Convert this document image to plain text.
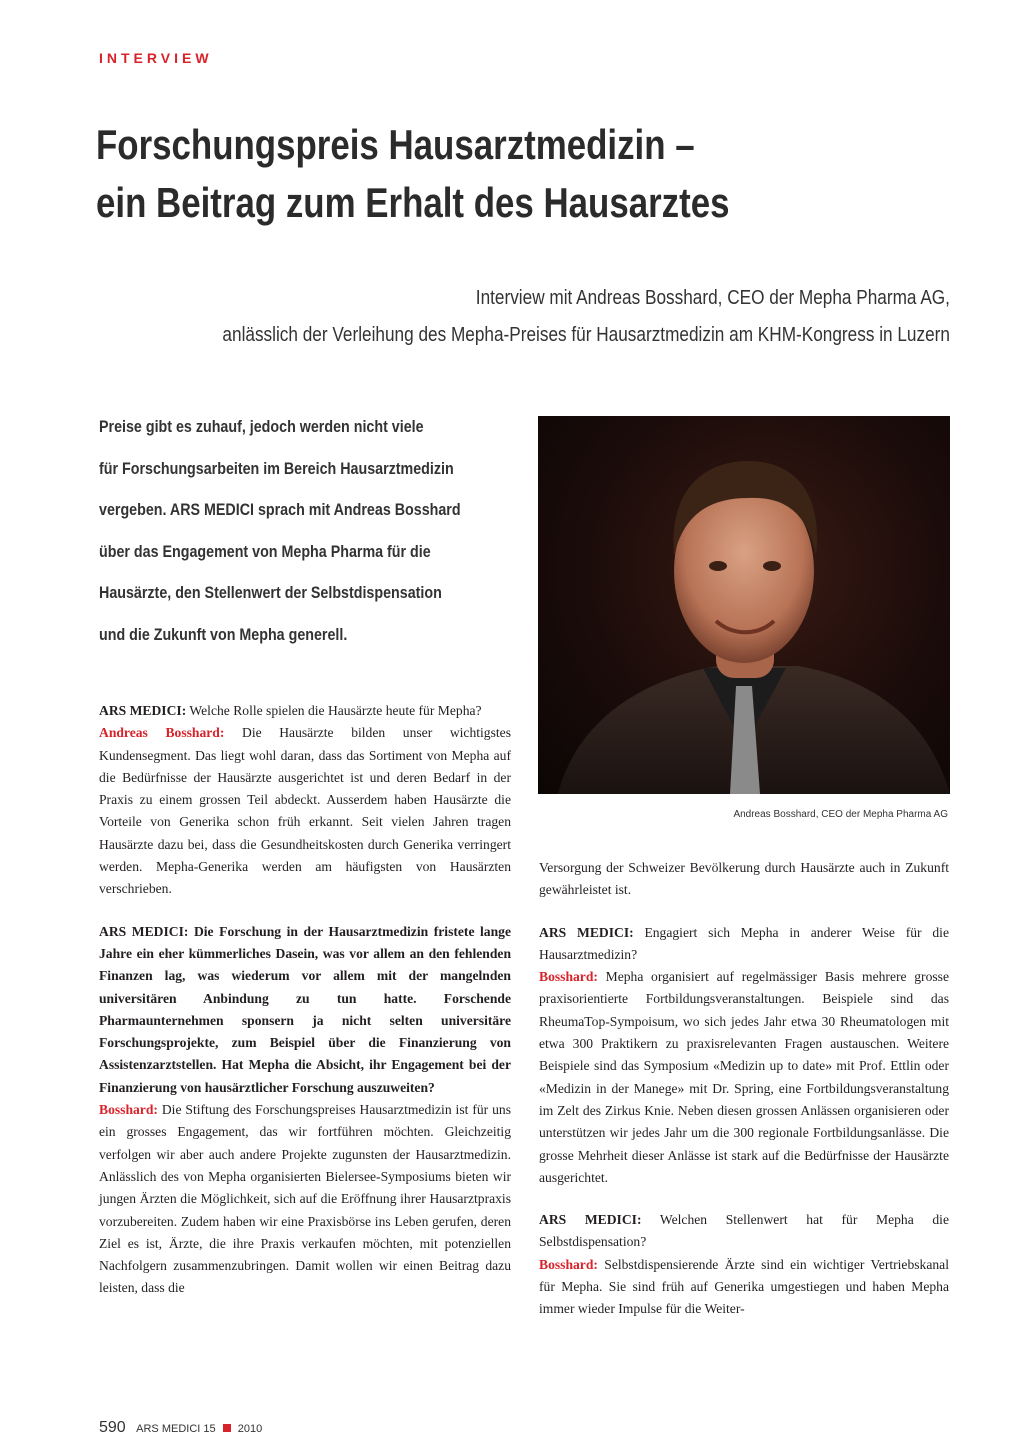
INTERVIEW
Forschungspreis Hausarztmedizin –
ein Beitrag zum Erhalt des Hausarztes
Interview mit Andreas Bosshard, CEO der Mepha Pharma AG,
anlässlich der Verleihung des Mepha-Preises für Hausarztmedizin am KHM-Kongress in Luzern
Preise gibt es zuhauf, jedoch werden nicht viele
für Forschungsarbeiten im Bereich Hausarztmedizin
vergeben. ARS MEDICI sprach mit Andreas Bosshard
über das Engagement von Mepha Pharma für die
Hausärzte, den Stellenwert der Selbstdispensation
und die Zukunft von Mepha generell.
Andreas Bosshard, CEO der Mepha Pharma AG

ARS MEDICI: Welche Rolle spielen die Hausärzte heute für Mepha?

Andreas Bosshard: Die Hausärzte bilden unser wichtigstes Kundensegment. Das liegt wohl daran, dass das Sortiment von Mepha auf die Bedürfnisse der Hausärzte ausgerichtet ist und deren Bedarf in der Praxis zu einem grossen Teil abdeckt. Ausserdem haben Hausärzte die Vorteile von Generika schon früh erkannt. Seit vielen Jahren tragen Hausärzte dazu bei, dass die Gesundheitskosten durch Generika verringert werden. Mepha-Generika werden am häufigsten von Hausärzten verschrieben.

ARS MEDICI: Die Forschung in der Hausarztmedizin fristete lange Jahre ein eher kümmerliches Dasein, was vor allem an den fehlenden Finanzen lag, was wiederum vor allem mit der mangelnden universitären Anbindung zu tun hatte. Forschende Pharmaunternehmen sponsern ja nicht selten universitäre Forschungsprojekte, zum Beispiel über die Finanzierung von Assistenzarztstellen. Hat Mepha die Absicht, ihr Engagement bei der Finanzierung von hausärztlicher Forschung auszuweiten?

Bosshard: Die Stiftung des Forschungspreises Hausarztmedizin ist für uns ein grosses Engagement, das wir fortführen möchten. Gleichzeitig verfolgen wir aber auch andere Projekte zugunsten der Hausarztmedizin. Anlässlich des von Mepha organisierten Bielersee-Symposiums bieten wir jungen Ärzten die Möglichkeit, sich auf die Eröffnung ihrer Hausarztpraxis vorzubereiten. Zudem haben wir eine Praxisbörse ins Leben gerufen, deren Ziel es ist, Ärzte, die ihre Praxis verkaufen möchten, mit potenziellen Nachfolgern zusammenzubringen. Damit wollen wir einen Beitrag dazu leisten, dass die

Versorgung der Schweizer Bevölkerung durch Hausärzte auch in Zukunft gewährleistet ist.

ARS MEDICI: Engagiert sich Mepha in anderer Weise für die Hausarztmedizin?

Bosshard: Mepha organisiert auf regelmässiger Basis mehrere grosse praxisorientierte Fortbildungsveranstaltungen. Beispiele sind das RheumaTop-Sympoisum, wo sich jedes Jahr etwa 30 Rheumatologen mit etwa 300 Praktikern zu praxisrelevanten Fragen austauschen. Weitere Beispiele sind das Symposium «Medizin up to date» mit Prof. Ettlin oder «Medizin in der Manege» mit Dr. Spring, eine Fortbildungsveranstaltung im Zelt des Zirkus Knie. Neben diesen grossen Anlässen organisieren oder unterstützen wir jedes Jahr um die 300 regionale Fortbildungsanlässe. Die grosse Mehrheit dieser Anlässe ist stark auf die Bedürfnisse der Hausärzte ausgerichtet.

ARS MEDICI: Welchen Stellenwert hat für Mepha die Selbstdispensation?

Bosshard: Selbstdispensierende Ärzte sind ein wichtiger Vertriebskanal für Mepha. Sie sind früh auf Generika umgestiegen und haben Mepha immer wieder Impulse für die Weiter-

590 ARS MEDICI 15 2010
